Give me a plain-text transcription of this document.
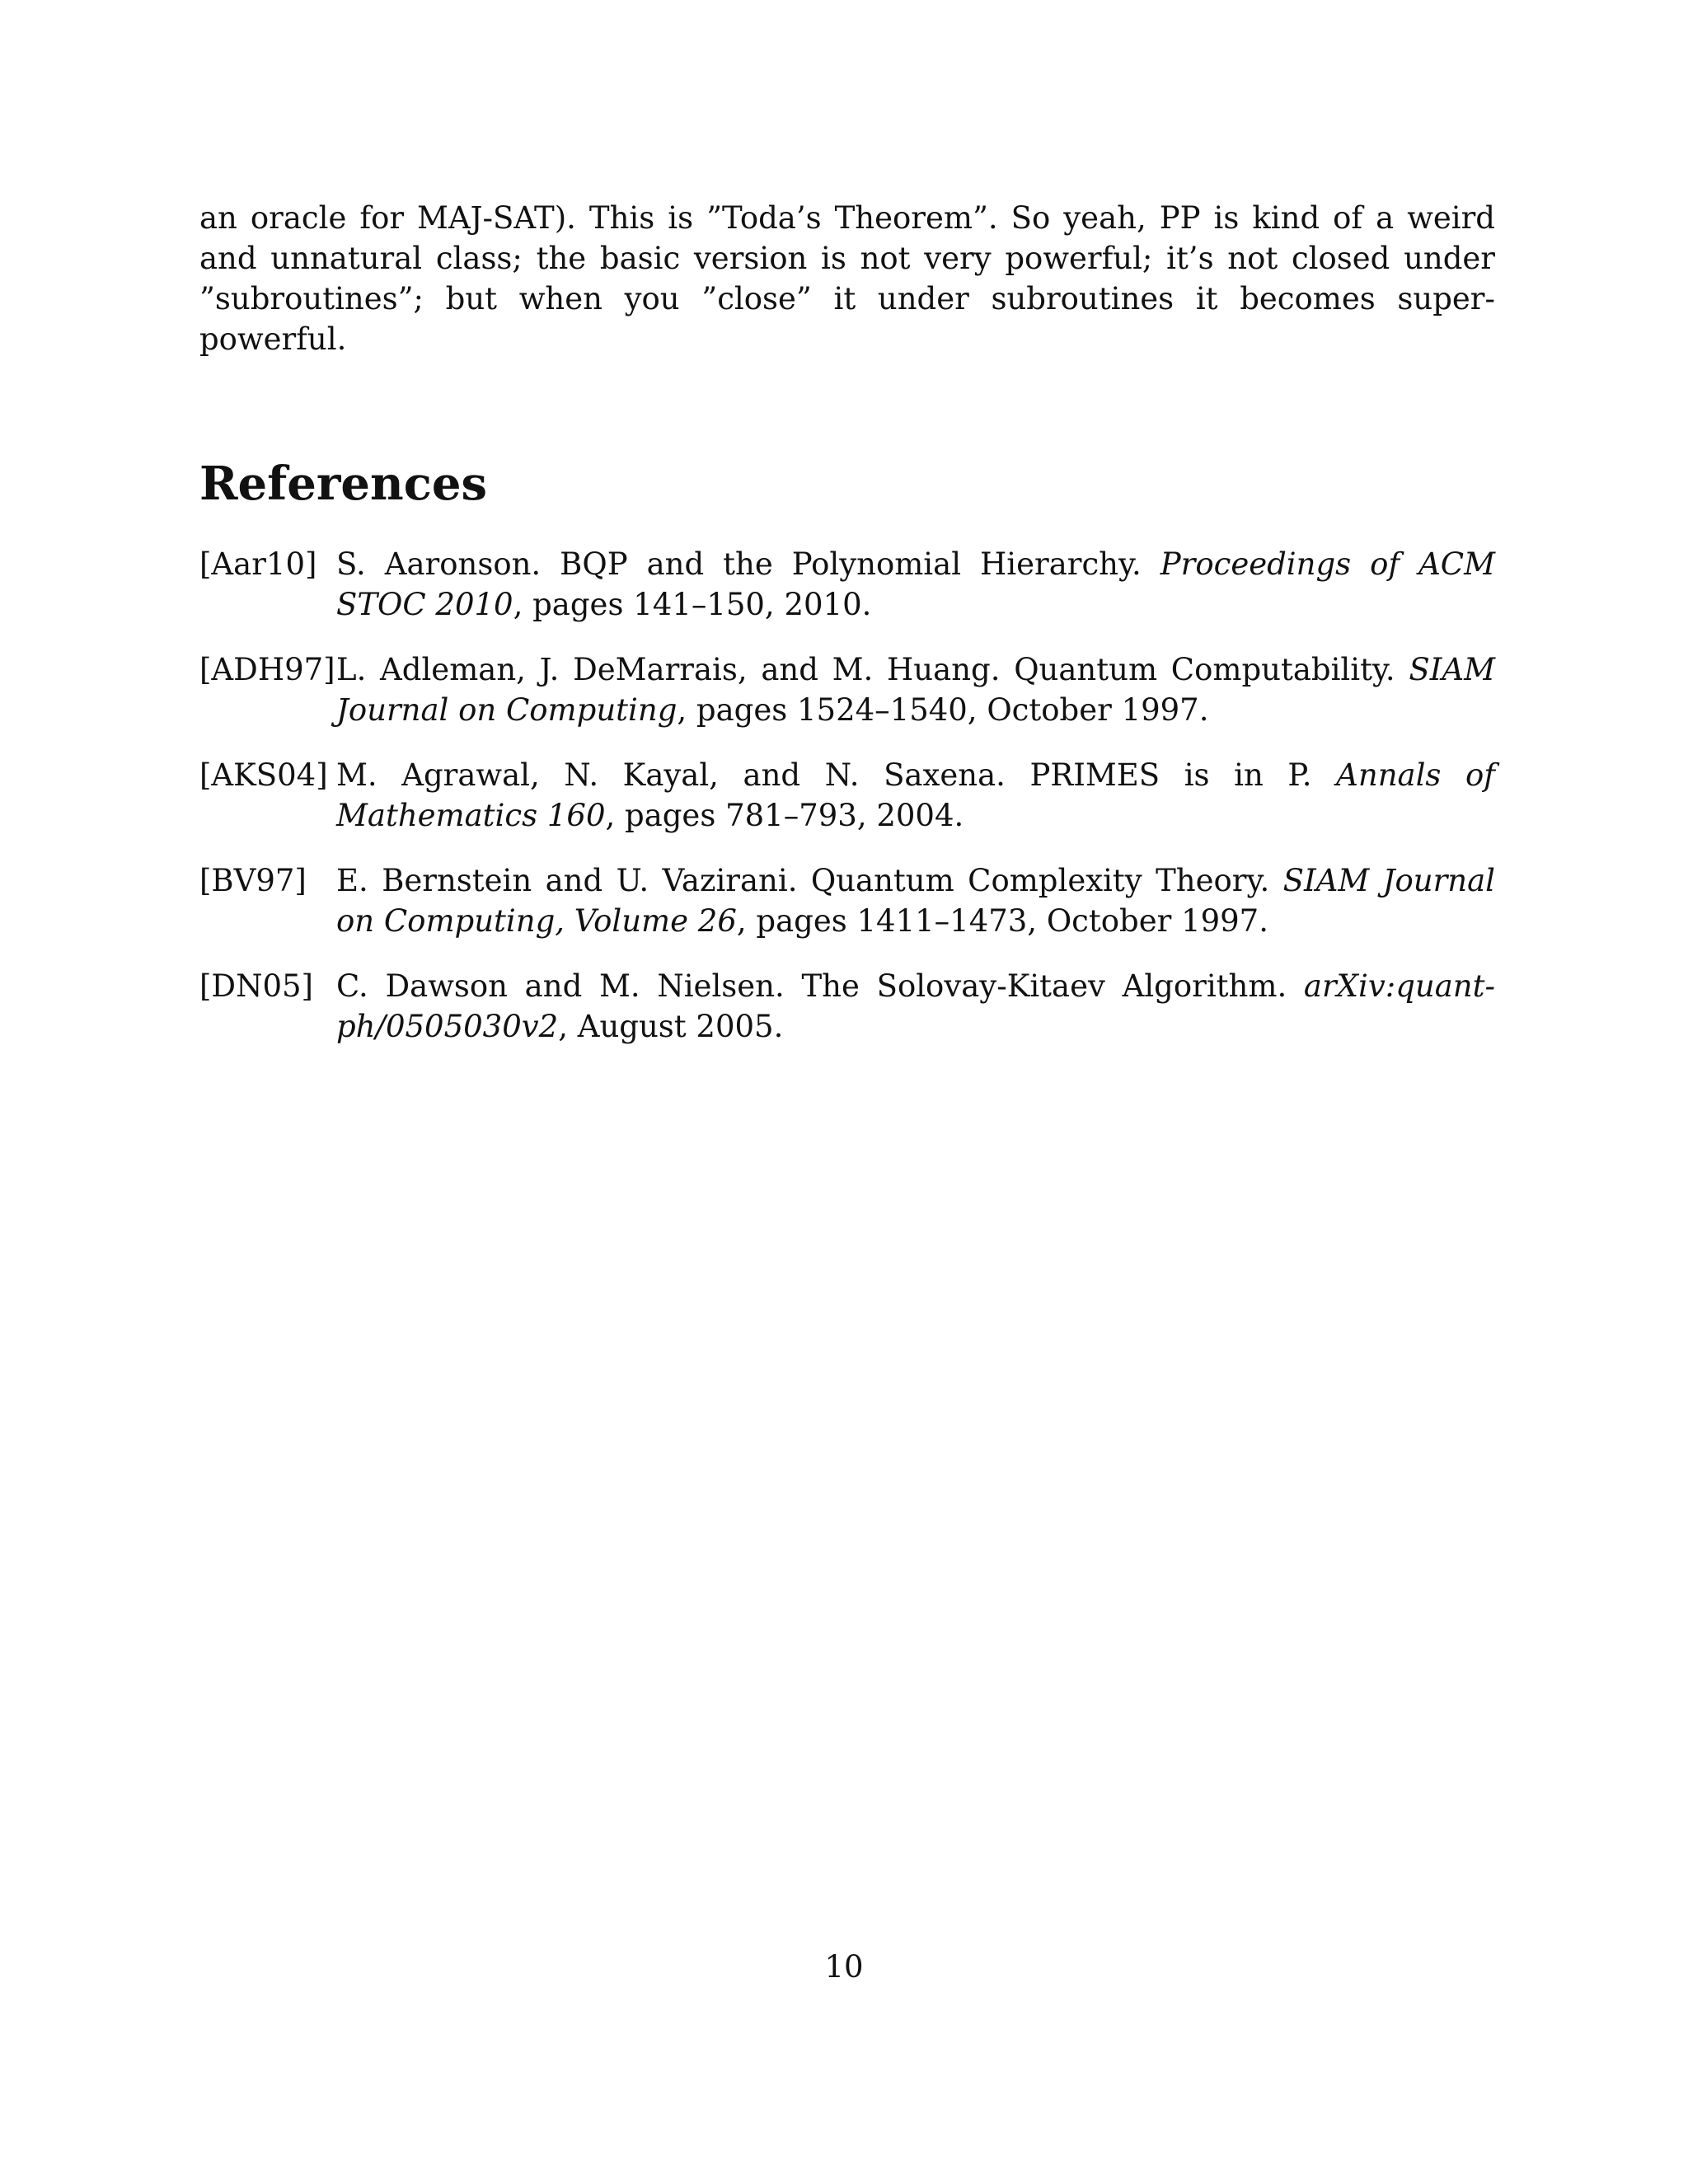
an oracle for MAJ-SAT). This is ”Toda’s Theorem”. So yeah, PP is kind of a weird and unnatural class; the basic version is not very powerful; it’s not closed under ”subroutines”; but when you ”close” it under subroutines it becomes super-powerful.

References
[Aar10] S. Aaronson. BQP and the Polynomial Hierarchy. Proceedings of ACM STOC 2010, pages 141–150, 2010.
[ADH97] L. Adleman, J. DeMarrais, and M. Huang. Quantum Computability. SIAM Journal on Computing, pages 1524–1540, October 1997.
[AKS04] M. Agrawal, N. Kayal, and N. Saxena. PRIMES is in P. Annals of Mathematics 160, pages 781–793, 2004.
[BV97] E. Bernstein and U. Vazirani. Quantum Complexity Theory. SIAM Journal on Computing, Volume 26, pages 1411–1473, October 1997.
[DN05] C. Dawson and M. Nielsen. The Solovay-Kitaev Algorithm. arXiv:quant-ph/0505030v2, August 2005.
10
